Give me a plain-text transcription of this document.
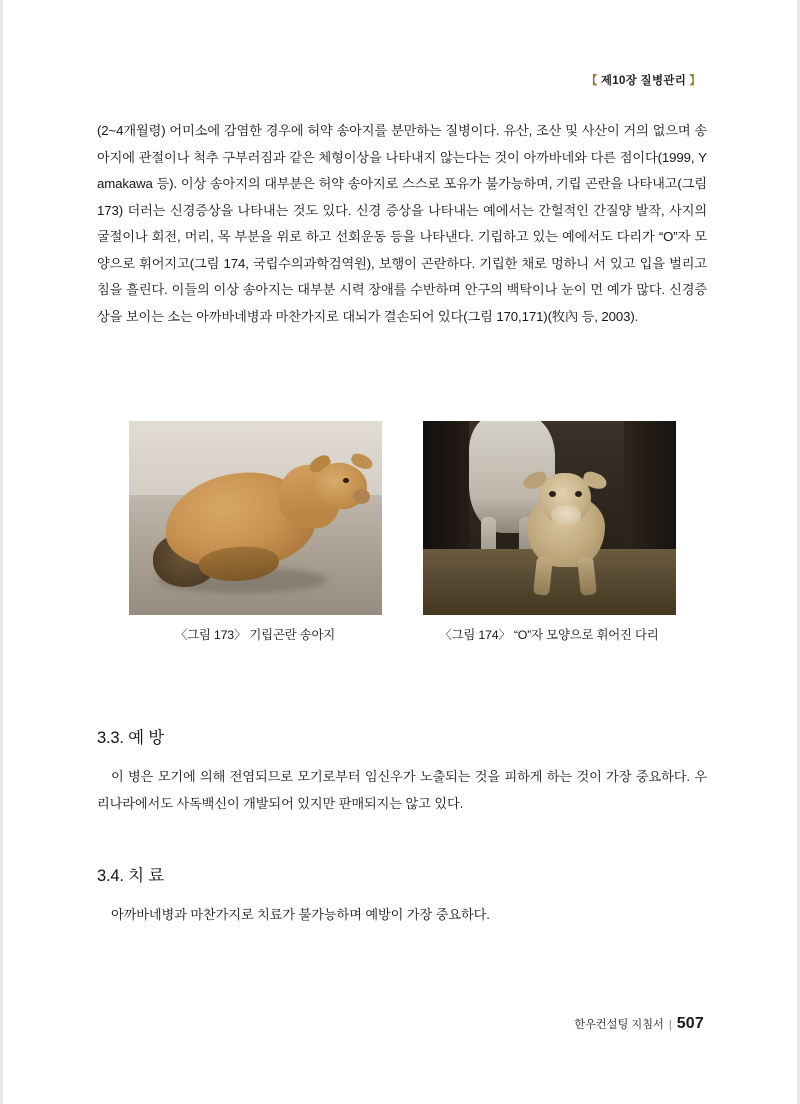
【 제10장 질병관리 】
(2~4개월령) 어미소에 감염한 경우에 허약 송아지를 분만하는 질병이다. 유산, 조산 및 사산이 거의 없으며 송아지에 관절이나 척추 구부러짐과 같은 체형이상을 나타내지 않는다는 것이 아까바네와 다른 점이다(1999, Yamakawa 등). 이상 송아지의 대부분은 허약 송아지로 스스로 포유가 불가능하며, 기립 곤란을 나타내고(그림 173) 더러는 신경증상을 나타내는 것도 있다. 신경 증상을 나타내는 예에서는 간헐적인 간질양 발작, 사지의 굴절이나 회전, 머리, 목 부분을 위로 하고 선회운동 등을 나타낸다. 기립하고 있는 예에서도 다리가 “O”자 모양으로 휘어지고(그림 174, 국립수의과학검역원), 보행이 곤란하다. 기립한 채로 멍하니 서 있고 입을 벌리고 침을 흘린다. 이들의 이상 송아지는 대부분 시력 장애를 수반하며 안구의 백탁이나 눈이 먼 예가 많다. 신경증상을 보이는 소는 아까바네병과 마찬가지로 대뇌가 결손되어 있다(그림 170,171)(牧內 등, 2003).
〈그림 173〉 기립곤란 송아지	〈그림 174〉 “O”자 모양으로 휘어진 다리
3.3. 예 방
이 병은 모기에 의해 전염되므로 모기로부터 임신우가 노출되는 것을 피하게 하는 것이 가장 중요하다. 우리나라에서도 사독백신이 개발되어 있지만 판매되지는 않고 있다.
3.4. 치 료
아까바네병과 마찬가지로 치료가 불가능하며 예방이 가장 중요하다.
한우컨설팅 지침서 | 507
